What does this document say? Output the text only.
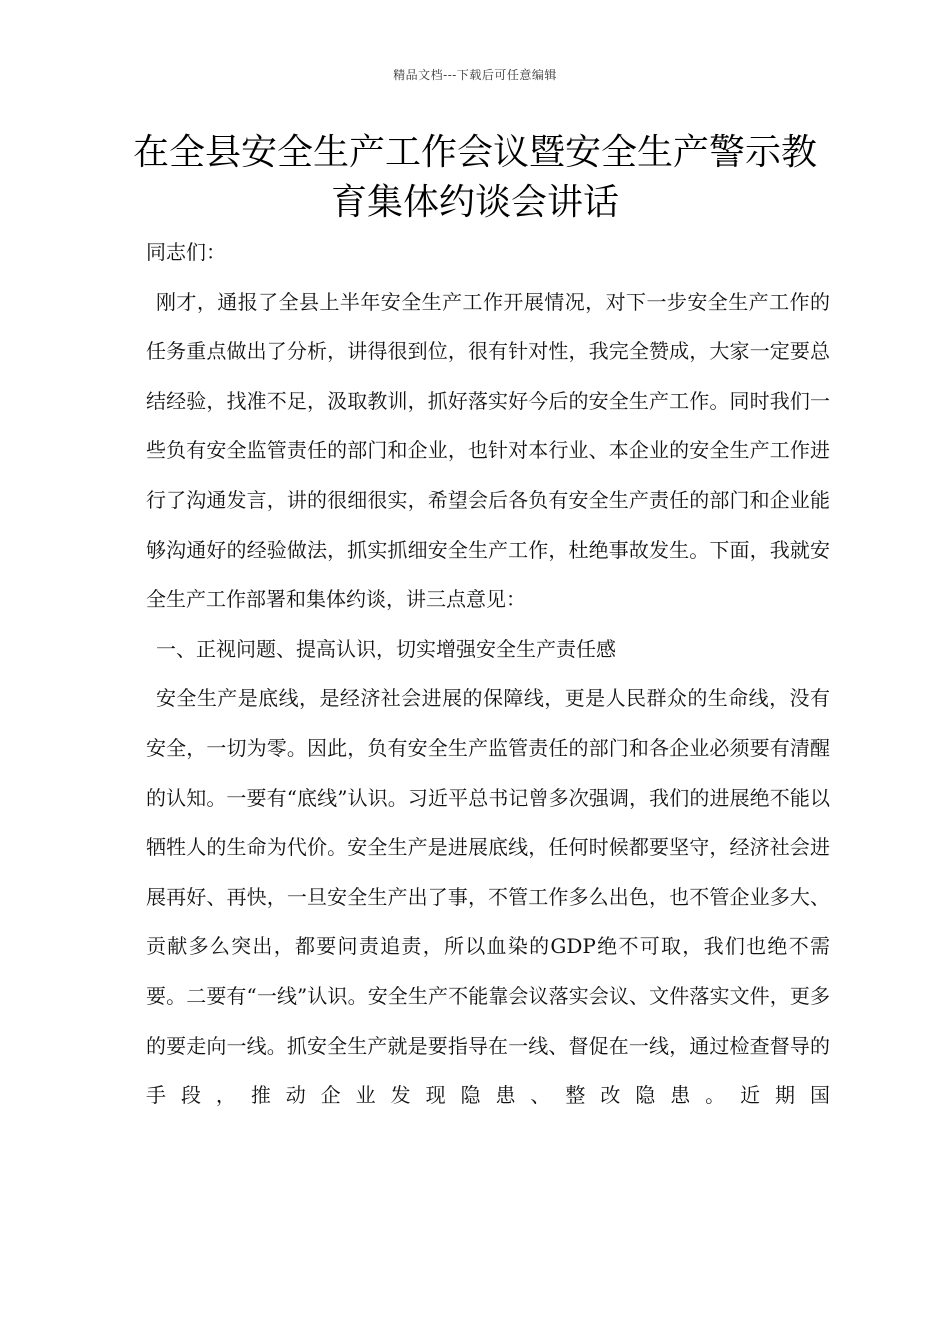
精品文档---下载后可任意编辑
在全县安全生产工作会议暨安全生产警示教育集体约谈会讲话

同志们：

刚才，通报了全县上半年安全生产工作开展情况，对下一步安全生产工作的任务重点做出了分析，讲得很到位，很有针对性，我完全赞成，大家一定要总结经验，找准不足，汲取教训，抓好落实好今后的安全生产工作。同时我们一些负有安全监管责任的部门和企业，也针对本行业、本企业的安全生产工作进行了沟通发言，讲的很细很实，希望会后各负有安全生产责任的部门和企业能够沟通好的经验做法，抓实抓细安全生产工作，杜绝事故发生。下面，我就安全生产工作部署和集体约谈，讲三点意见：

一、正视问题、提高认识，切实增强安全生产责任感

安全生产是底线，是经济社会进展的保障线，更是人民群众的生命线，没有安全，一切为零。因此，负有安全生产监管责任的部门和各企业必须要有清醒的认知。一要有“底线”认识。习近平总书记曾多次强调，我们的进展绝不能以牺牲人的生命为代价。安全生产是进展底线，任何时候都要坚守，经济社会进展再好、再快，一旦安全生产出了事，不管工作多么出色，也不管企业多大、贡献多么突出，都要问责追责，所以血染的GDP绝不可取，我们也绝不需要。二要有“一线”认识。安全生产不能靠会议落实会议、文件落实文件，更多的要走向一线。抓安全生产就是要指导在一线、督促在一线，通过检查督导的手段，推动企业发现隐患、整改隐患。近期国
